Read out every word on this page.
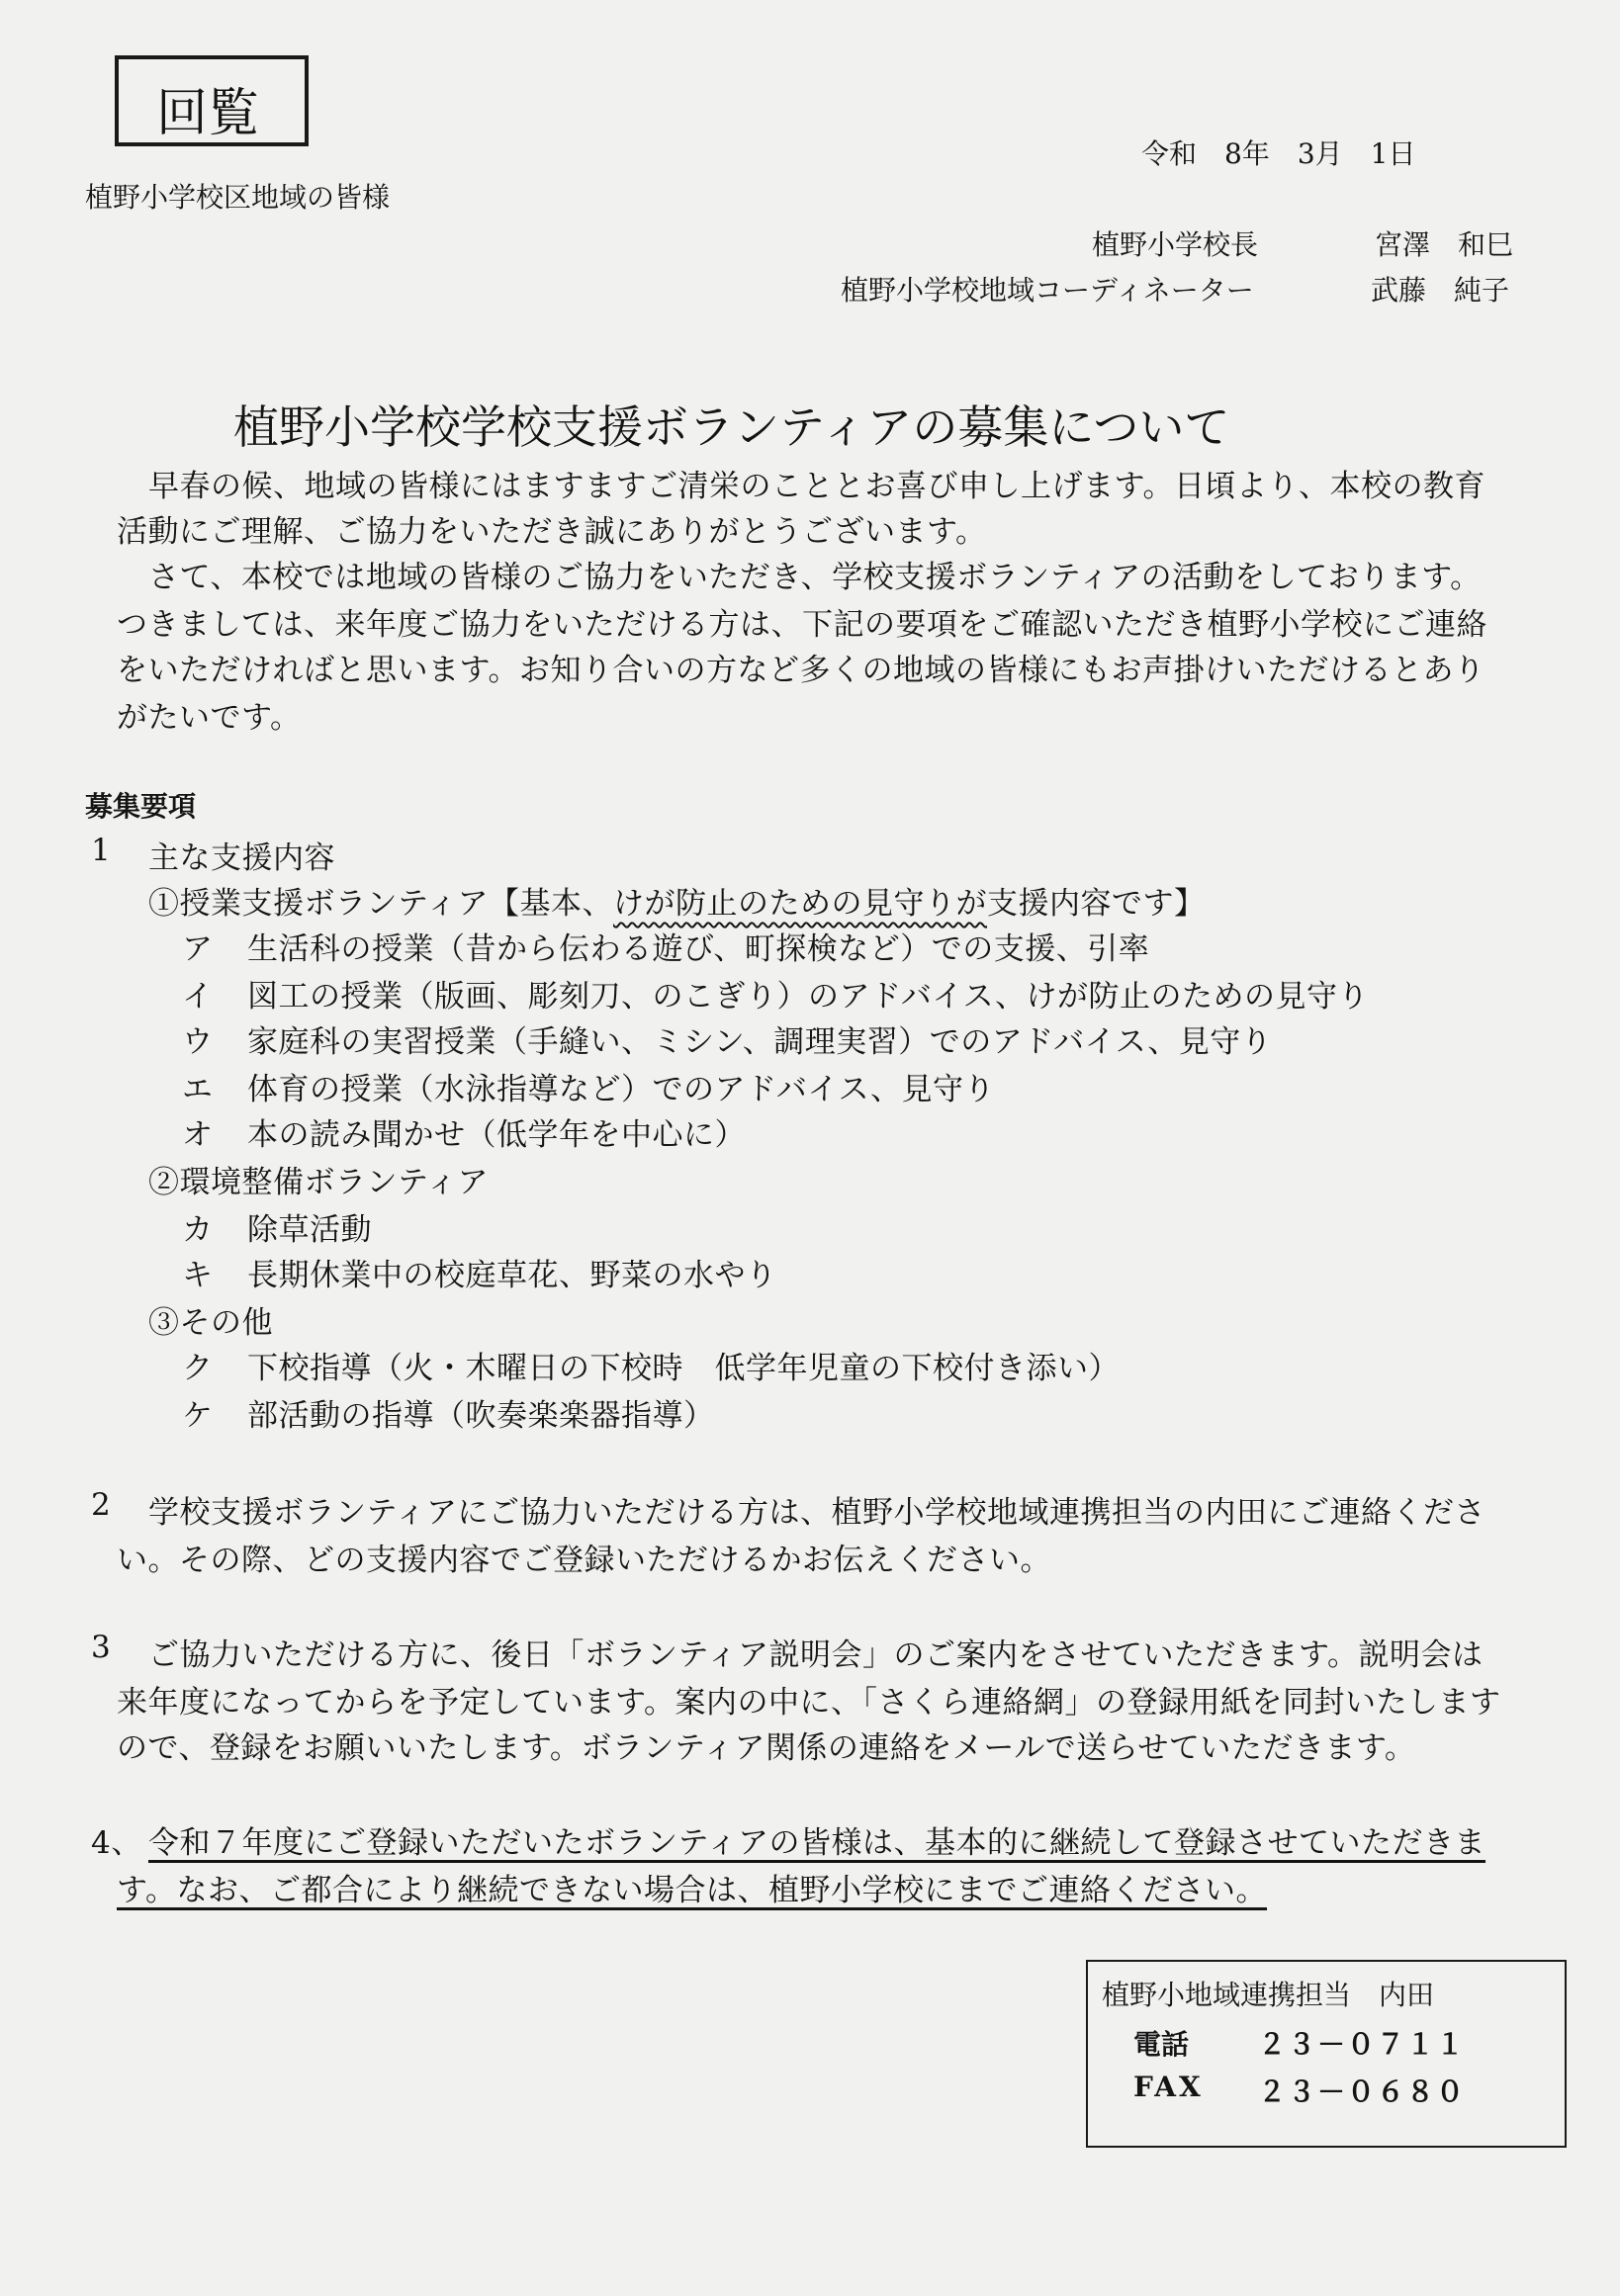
回覧
令和　8年　3月　1日
植野小学校区地域の皆様
植野小学校長	宮澤　和巳
植野小学校地域コーディネーター	武藤　純子
植野小学校学校支援ボランティアの募集について
早春の候、地域の皆様にはますますご清栄のこととお喜び申し上げます。日頃より、本校の教育
活動にご理解、ご協力をいただき誠にありがとうございます。
さて、本校では地域の皆様のご協力をいただき、学校支援ボランティアの活動をしております。
つきましては、来年度ご協力をいただける方は、下記の要項をご確認いただき植野小学校にご連絡
をいただければと思います。お知り合いの方など多くの地域の皆様にもお声掛けいただけるとあり
がたいです。
募集要項
1 主な支援内容
①授業支援ボランティア【基本、けが防止のための見守りが支援内容です】
ア 生活科の授業（昔から伝わる遊び、町探検など）での支援、引率
イ 図工の授業（版画、彫刻刀、のこぎり）のアドバイス、けが防止のための見守り
ウ 家庭科の実習授業（手縫い、ミシン、調理実習）でのアドバイス、見守り
エ 体育の授業（水泳指導など）でのアドバイス、見守り
オ 本の読み聞かせ（低学年を中心に）
②環境整備ボランティア
カ 除草活動
キ 長期休業中の校庭草花、野菜の水やり
③その他
ク 下校指導（火・木曜日の下校時　低学年児童の下校付き添い）
ケ 部活動の指導（吹奏楽楽器指導）
2 学校支援ボランティアにご協力いただける方は、植野小学校地域連携担当の内田にご連絡くださ
い。その際、どの支援内容でご登録いただけるかお伝えください。
3 ご協力いただける方に、後日「ボランティア説明会」のご案内をさせていただきます。説明会は
来年度になってからを予定しています。案内の中に、「さくら連絡網」の登録用紙を同封いたします
ので、登録をお願いいたします。ボランティア関係の連絡をメールで送らせていただきます。
4、 令和７年度にご登録いただいたボランティアの皆様は、基本的に継続して登録させていただきま
す。なお、ご都合により継続できない場合は、植野小学校にまでご連絡ください。
植野小地域連携担当　内田
電話 ２３－０７１１
FAX ２３－０６８０
